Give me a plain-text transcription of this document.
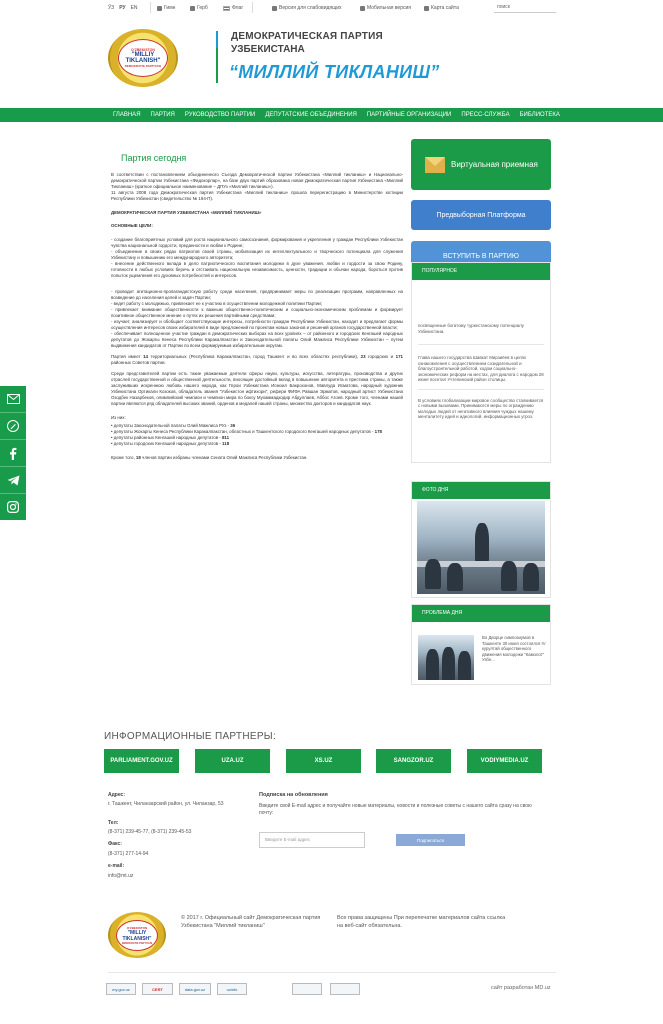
ЎЗ РУ EN	Гимн	Герб	Флаг	Версия для слабовидящих	Мобильная версия	Карта сайта	поиск
O'ZBEKISTON
"MILLIY
TIKLANISH"
DEMOKRATIK PARTIYASI
ДЕМОКРАТИЧЕСКАЯ ПАРТИЯ
УЗБЕКИСТАНА
“МИЛЛИЙ ТИКЛАНИШ”
ГЛАВНАЯ	ПАРТИЯ	РУКОВОДСТВО ПАРТИИ	ДЕПУТАТСКИЕ ОБЪЕДИНЕНИЯ	ПАРТИЙНЫЕ ОРГАНИЗАЦИИ	ПРЕСС-СЛУЖБА	БИБЛИОТЕКА
Партия сегодня

В соответствии с постановлением объединенного Съезда Демократической партии Узбекистана «Миллий тикланиш» и Национально-демократической партии Узбекистана «Фидокорлар», на базе двух партий образована новая Демократическая партия Узбекистана «Миллий Тикланиш» (краткое официальное наименование – ДПУз «Миллий тикланиш»).
11 августа 2008 года Демократическая партия Узбекистана «Миллий тикланиш» прошла перерегистрацию в Министерстве юстиции Республики Узбекистан (свидетельство № 194-П).

ДЕМОКРАТИЧЕСКАЯ ПАРТИЯ УЗБЕКИСТАНА «МИЛЛИЙ ТИКЛАНИШ»

ОСНОВНЫЕ ЦЕЛИ:

- создание благоприятных условий для роста национального самосознания, формирования и укрепления у граждан Республики Узбекистан чувства национальной гордости, преданности и любви к Родине;
- объединение в своих рядах патриотов своей страны, мобилизация их интеллектуального и творческого потенциала для служения Узбекистану и повышению его международного авторитета;
- внесение действенного вклада в дело патриотического воспитания молодежи в духе уважения, любви и гордости за свою Родину, готовности в любых условиях беречь и отстаивать национальную независимость, ценности, традиции и обычаи народа, бороться против попыток ущемления его духовных потребностей и интересов.

- проводит агитационно-пропагандистскую работу среди населения, предпринимает меры по реализации программ, направленных на возведение до населения целей и задач Партии;
- ведет работу с молодежью, привлекает ее к участию в осуществлении молодежной политики Партии;
- привлекает внимание общественности к важным общественно-политическим и социально-экономическим проблемам и формирует позитивное общественное мнение о путях их решения партийными средствами;
- изучает, анализирует и обобщает соответствующие интересы, потребности граждан Республики Узбекистан, находит и предлагает формы осуществления интересов своих избирателей в виде предложений по проектам новых законов и решений органов государственной власти;
- обеспечивает полноценное участие граждан в демократических выборах на всех уровнях – от районного и городских Кенгашей народных депутатов до Жокаргы Кенеса Республики Каракалпакстан и Законодательной палаты Олий Мажлиса Республики Узбекистан – путем выдвижения кандидатов от Партии по всем формируемым избирательным округам.

Партия имеет 14 территориальных (Республика Каракалпакстан, город Ташкент и во всех областях республики), 23 городских и 171 районных Советов партии.

Среди представителей партии есть такие уважаемые деятели сферы науки, культуры, искусства, литературы, производства и других отраслей государственной и общественной деятельности, вносящие достойный вклад в повышение авторитета и престижа страны, а также заслуживших искреннюю любовь нашего народа, как Герои Узбекистана Исмоил Бакрохонов, Мавлуда Исматова, народный художник Узбекистана Ортикали Козоков, обладатель звания "Узбекистон ифтихори", рефери ФИФА Равшан Эрматов, народный артист Узбекистана Озодбек Назарбеков, олимпийский чемпион и чемпион мира по боксу Мухаммадкодир Абдуллаев, Аббос Атоев. Кроме того, членами нашей партии являются ряд обладателей высоких званий, орденов и медалей нашей страны, множество докторов и кандидатов наук.

Из них:

• депутаты Законодательной палаты Олий Мажлиса РУз - 36
• депутаты Жокаргы Кенеса Республики Каракалпакстан, областных и Ташкентского городского Кенгашей народных депутатов - 178
• депутаты районных Кенгашей народных депутатов - 811
• депутаты городских Кенгашей народных депутатов - 118

Кроме того, 18 членов партии избраны членами Сената Олий Мажлиса Республики Узбекистан.

Виртуальная приемная
Предвыборная Платформа
ВСТУПИТЬ В ПАРТИЮ
ПОПУЛЯРНОЕ
посвященные богатому туркестанскому потенциалу Узбекистана.
Глава нашего государства Шавкат Мирзиёев в целях ознакомления с осуществлением созидательной и благоустроительной работой, ходом социально-экономических реформ на местах, для диалога с народом 28 июня посетил Учтепинский район столицы.
В условиях глобализации мировое сообщество сталкивается с новыми вызовами. Принимаются меры по ограждению молодых людей от негативного влияния чуждых нашему менталитету идей и идеологий, информационных угроз.
ФОТО ДНЯ
ПРОБЛЕМА ДНЯ
Во Дворце симпозиумов в Ташкенте 30 июня состоялся IV курултай общественного движения молодежи "Камолот" Узбе...
ИНФОРМАЦИОННЫЕ ПАРТНЕРЫ:
PARLIAMENT.GOV.UZ	UZA.UZ	XS.UZ	SANGZOR.UZ	VODIYMEDIA.UZ
Адрес:
г. Ташкент, Чиланзарский район, ул. Чиланзар, 53
Тел:
(8-371) 239-45-77, (8-371) 239-45-53
Факс:
(8-371) 277-14-94
e-mail:
info@mt.uz
Подписка на обновления
Введите свой E-mail адрес и получайте новые материалы, новости и полезные советы с нашего сайта сразу на свою почту:
Введите E-mail адрес	Подписаться
O'ZBEKISTON
"MILLIY
TIKLANISH"
DEMOKRATIK PARTIYASI
© 2017 г. Официальный сайт Демократическая партия Узбекистана "Миллий тикланиш"
Все права защищены При перепечатке материалов сайта ссылка на веб-сайт обязательна.
my.gov.uz	CERT	data.gov.uz	uzinfo	сайт разработан MD.uz
